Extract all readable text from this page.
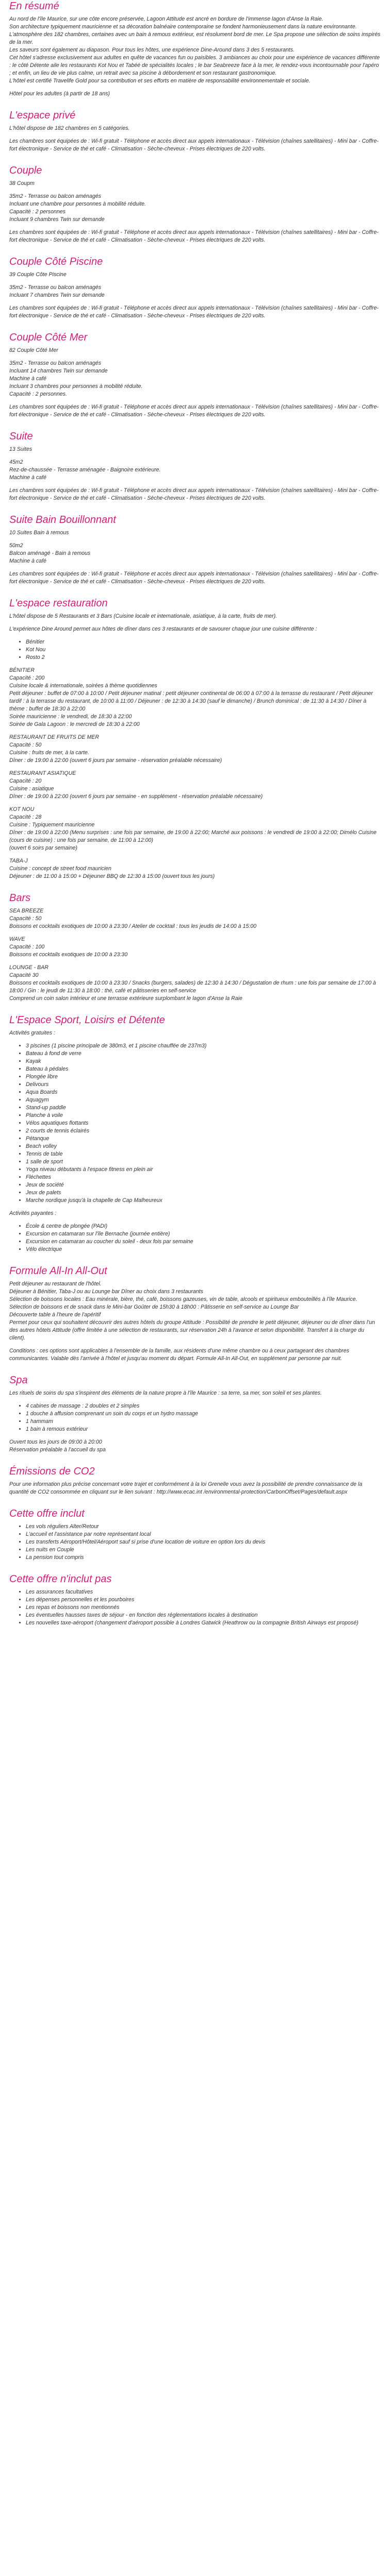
En résumé

Au nord de l'île Maurice, sur une côte encore préservée, Lagoon Attitude est ancré en bordure de l'immense lagon d'Anse la Raie.
Son architecture typiquement mauricienne et sa décoration balnéaire contemporaine se fondent harmonieusement dans la nature environnante.
L'atmosphère des 182 chambres, certaines avec un bain à remous extérieur, est résolument bord de mer. Le Spa propose une sélection de soins inspirés de la mer.
Les saveurs sont également au diapason. Pour tous les hôtes, une expérience Dine-Around dans 3 des 5 restaurants.
Cet hôtel s'adresse exclusivement aux adultes en quête de vacances fun ou paisibles. 3 ambiances au choix pour une expérience de vacances différente : le côté Détente aile les restaurants Kot Nou et Tabéé de spécialités locales ; le bar Seabreeze face à la mer, le rendez-vous incontournable pour l'apéro ; et enfin, un lieu de vie plus calme, un retrait avec sa piscine à débordement et son restaurant gastronomique.
L'hôtel est certifié Travelife Gold pour sa contribution et ses efforts en matière de responsabilité environnementale et sociale.

Hôtel pour les adultes (à partir de 18 ans)

L'espace privé

L'hôtel dispose de 182 chambres en 5 catégories.

Les chambres sont équipées de : Wi-fi gratuit - Téléphone et accès direct aux appels internationaux - Télévision (chaînes satellitaires) - Mini bar - Coffre-fort électronique - Service de thé et café - Climatisation - Sèche-cheveux - Prises électriques de 220 volts.

Couple

38 Coupm

35m2 - Terrasse ou balcon aménagés
Incluant une chambre pour personnes à mobilité réduite.
Capacité : 2 personnes
Incluant 9 chambres Twin sur demande

Les chambres sont équipées de : Wi-fi gratuit - Téléphone et accès direct aux appels internationaux - Télévision (chaînes satellitaires) - Mini bar - Coffre-fort électronique - Service de thé et café - Climatisation - Sèche-cheveux - Prises électriques de 220 volts.

Couple Côté Piscine

39 Couple Côte Piscine

35m2 - Terrasse ou balcon aménagés
Incluant 7 chambres Twin sur demande

Les chambres sont équipées de : Wi-fi gratuit - Téléphone et accès direct aux appels internationaux - Télévision (chaînes satellitaires) - Mini bar - Coffre-fort électronique - Service de thé et café - Climatisation - Sèche-cheveux - Prises électriques de 220 volts.

Couple Côté Mer

82 Couple Côté Mer

35m2 - Terrasse ou balcon aménagés
Incluant 14 chambres Twin sur demande
Machine à café
Incluant 3 chambres pour personnes à mobilité réduite.
Capacité : 2 personnes.

Les chambres sont équipées de : Wi-fi gratuit - Téléphone et accès direct aux appels internationaux - Télévision (chaînes satellitaires) - Mini bar - Coffre-fort électronique - Service de thé et café - Climatisation - Sèche-cheveux - Prises électriques de 220 volts.

Suite

13 Suites

45m2
Rez-de-chaussée - Terrasse aménagée - Baignoire extérieure.
Machine à café

Les chambres sont équipées de : Wi-fi gratuit - Téléphone et accès direct aux appels internationaux - Télévision (chaînes satellitaires) - Mini bar - Coffre-fort électronique - Service de thé et café - Climatisation - Sèche-cheveux - Prises électriques de 220 volts.

Suite Bain Bouillonnant

10 Suites Bain à remous

50m2
Balcon aménagé - Bain à remous
Machine à café

Les chambres sont équipées de : Wi-fi gratuit - Téléphone et accès direct aux appels internationaux - Télévision (chaînes satellitaires) - Mini bar - Coffre-fort électronique - Service de thé et café - Climatisation - Sèche-cheveux - Prises électriques de 220 volts.

L'espace restauration

L'hôtel dispose de 5 Restaurants et 3 Bars (Cuisine locale et internationale, asiatique, à la carte, fruits de mer).

L'expérience Dine Around permet aux hôtes de dîner dans ces 3 restaurants et de savourer chaque jour une cuisine différente :

• Bénitier
• Kot Nou
• Rosto 2

BÉNITIER
Capacité : 200
Cuisine locale & internationale, soirées à thème quotidiennes
Petit déjeuner : buffet de 07:00 à 10:00 / Petit déjeuner matinal : petit déjeuner continental de 06:00 à 07:00 à la terrasse du restaurant / Petit déjeuner tardif : à la terrasse du restaurant, de 10:00 à 11:00 / Déjeuner : de 12:30 à 14:30 (sauf le dimanche) / Brunch dominical : de 11:30 à 14:30 / Dîner à thème : buffet de 18:30 à 22:00
Soirée mauricienne : le vendredi, de 18:30 à 22:00
Soirée de Gala Lagoon : le mercredi de 18:30 à 22:00

RESTAURANT DE FRUITS DE MER
Capacité : 50
Cuisine : fruits de mer, à la carte.
Dîner : de 19:00 à 22:00 (ouvert 6 jours par semaine - réservation préalable nécessaire)

RESTAURANT ASIATIQUE
Capacité : 20
Cuisine : asiatique
Dîner : de 19:00 à 22:00 (ouvert 6 jours par semaine - en supplément - réservation préalable nécessaire)

KOT NOU
Capacité : 28
Cuisine : Typiquement mauricienne
Dîner : de 19:00 à 22:00 (Menu surprises : une fois par semaine, de 19:00 à 22:00; Marché aux poissons : le vendredi de 19:00 à 22:00; Dimélo Cuisine (cours de cuisine) : une fois par semaine, de 11:00 à 12:00)
(ouvert 6 soirs par semaine)

TABA-J
Cuisine : concept de street food mauricien
Déjeuner : de 11:00 à 15:00 + Déjeuner BBQ de 12:30 à 15:00 (ouvert tous les jours)

Bars

SEA BREEZE
Capacité : 50
Boissons et cocktails exotiques de 10:00 à 23:30 / Atelier de cocktail : tous les jeudis de 14:00 à 15:00

WAVE
Capacité : 100
Boissons et cocktails exotiques de 10:00 à 23:30

LOUNGE - BAR
Capacité 30
Boissons et cocktails exotiques de 10:00 à 23:30 / Snacks (burgers, salades) de 12:30 à 14:30 / Dégustation de rhum : une fois par semaine de 17:00 à 18:00 / Gin : le jeudi de 11:30 à 18:00 : thé, café et pâtisseries en self-service
Comprend un coin salon intérieur et une terrasse extérieure surplombant le lagon d'Anse la Raie

L'Espace Sport, Loisirs et Détente

Activités gratuites :

• 3 piscines (1 piscine principale de 380m3, et 1 piscine chauffée de 237m3)
• Bateau à fond de verre
• Kayak
• Bateau à pédales
• Plongée libre
• Delivours
• Aqua Boards
• Aquagym
• Stand-up paddle
• Planche à voile
• Vélos aquatiques flottants
• 2 courts de tennis éclairés
• Pétanque
• Beach volley
• Tennis de table
• 1 salle de sport
• Yoga niveau débutants à l'espace fitness en plein air
• Fléchettes
• Jeux de société
• Jeux de palets
• Marche nordique jusqu'à la chapelle de Cap Malheureux

Activités payantes :

• École & centre de plongée (PADI)
• Excursion en catamaran sur l'île Bernache (journée entière)
• Excursion en catamaran au coucher du soleil - deux fois par semaine
• Vélo électrique
Formule All-In All-Out

Petit déjeuner au restaurant de l'hôtel.
Déjeuner à Bénitier, Taba-J ou au Lounge bar Dîner au choix dans 3 restaurants
Sélection de boissons locales : Eau minérale, bière, thé, café, boissons gazeuses, vin de table, alcools et spiritueux embouteillés à l'île Maurice.
Sélection de boissons et de snack dans le Mini-bar Goûter de 15h30 à 18h00 : Pâtisserie en self-service au Lounge Bar
Découverte table à l'heure de l'apéritif
Permet pour ceux qui souhaitent découvrir des autres hôtels du groupe Attitude : Possibilité de prendre le petit déjeuner, déjeuner ou de dîner dans l'un des autres hôtels Attitude (offre limitée à une sélection de restaurants, sur réservation 24h à l'avance et selon disponibilité. Transfert à la charge du client).

Conditions : ces options sont applicables à l'ensemble de la famille, aux résidents d'une même chambre ou à ceux partageant des chambres communicantes. Valable dès l'arrivée à l'hôtel et jusqu'au moment du départ. Formule All-In All-Out, en supplément par personne par nuit.

Spa

Les rituels de soins du spa s'inspirent des éléments de la nature propre à l'île Maurice : sa terre, sa mer, son soleil et ses plantes.

• 4 cabines de massage : 2 doubles et 2 simples
• 1 douche à affusion comprenant un soin du corps et un hydro massage
• 1 hammam
• 1 bain à remous extérieur

Ouvert tous les jours de 09:00 à 20:00
Réservation préalable à l'accueil du spa

Émissions de CO2

Pour une information plus précise concernant votre trajet et conformément à la loi Grenelle vous avez la possibilité de prendre connaissance de la quantité de CO2 consommée en cliquant sur le lien suivant : http://www.ecac.int /environmental-protection/CarbonOffset/Pages/default.aspx

Cette offre inclut
• Les vols réguliers Alter/Retour
• L'accueil et l'assistance par notre représentant local
• Les transferts Aéroport/Hôtel/Aéroport sauf si prise d'une location de voiture en option lors du devis
• Les nuits en Couple
• La pension tout compris
Cette offre n'inclut pas
• Les assurances facultatives
• Les dépenses personnelles et les pourboires
• Les repas et boissons non mentionnés
• Les éventuelles hausses taxes de séjour - en fonction des réglementations locales à destination
• Les nouvelles taxe-aéroport (changement d'aéroport possible à Londres Gatwick (Heathrow ou la compagnie British Airways est proposé)
